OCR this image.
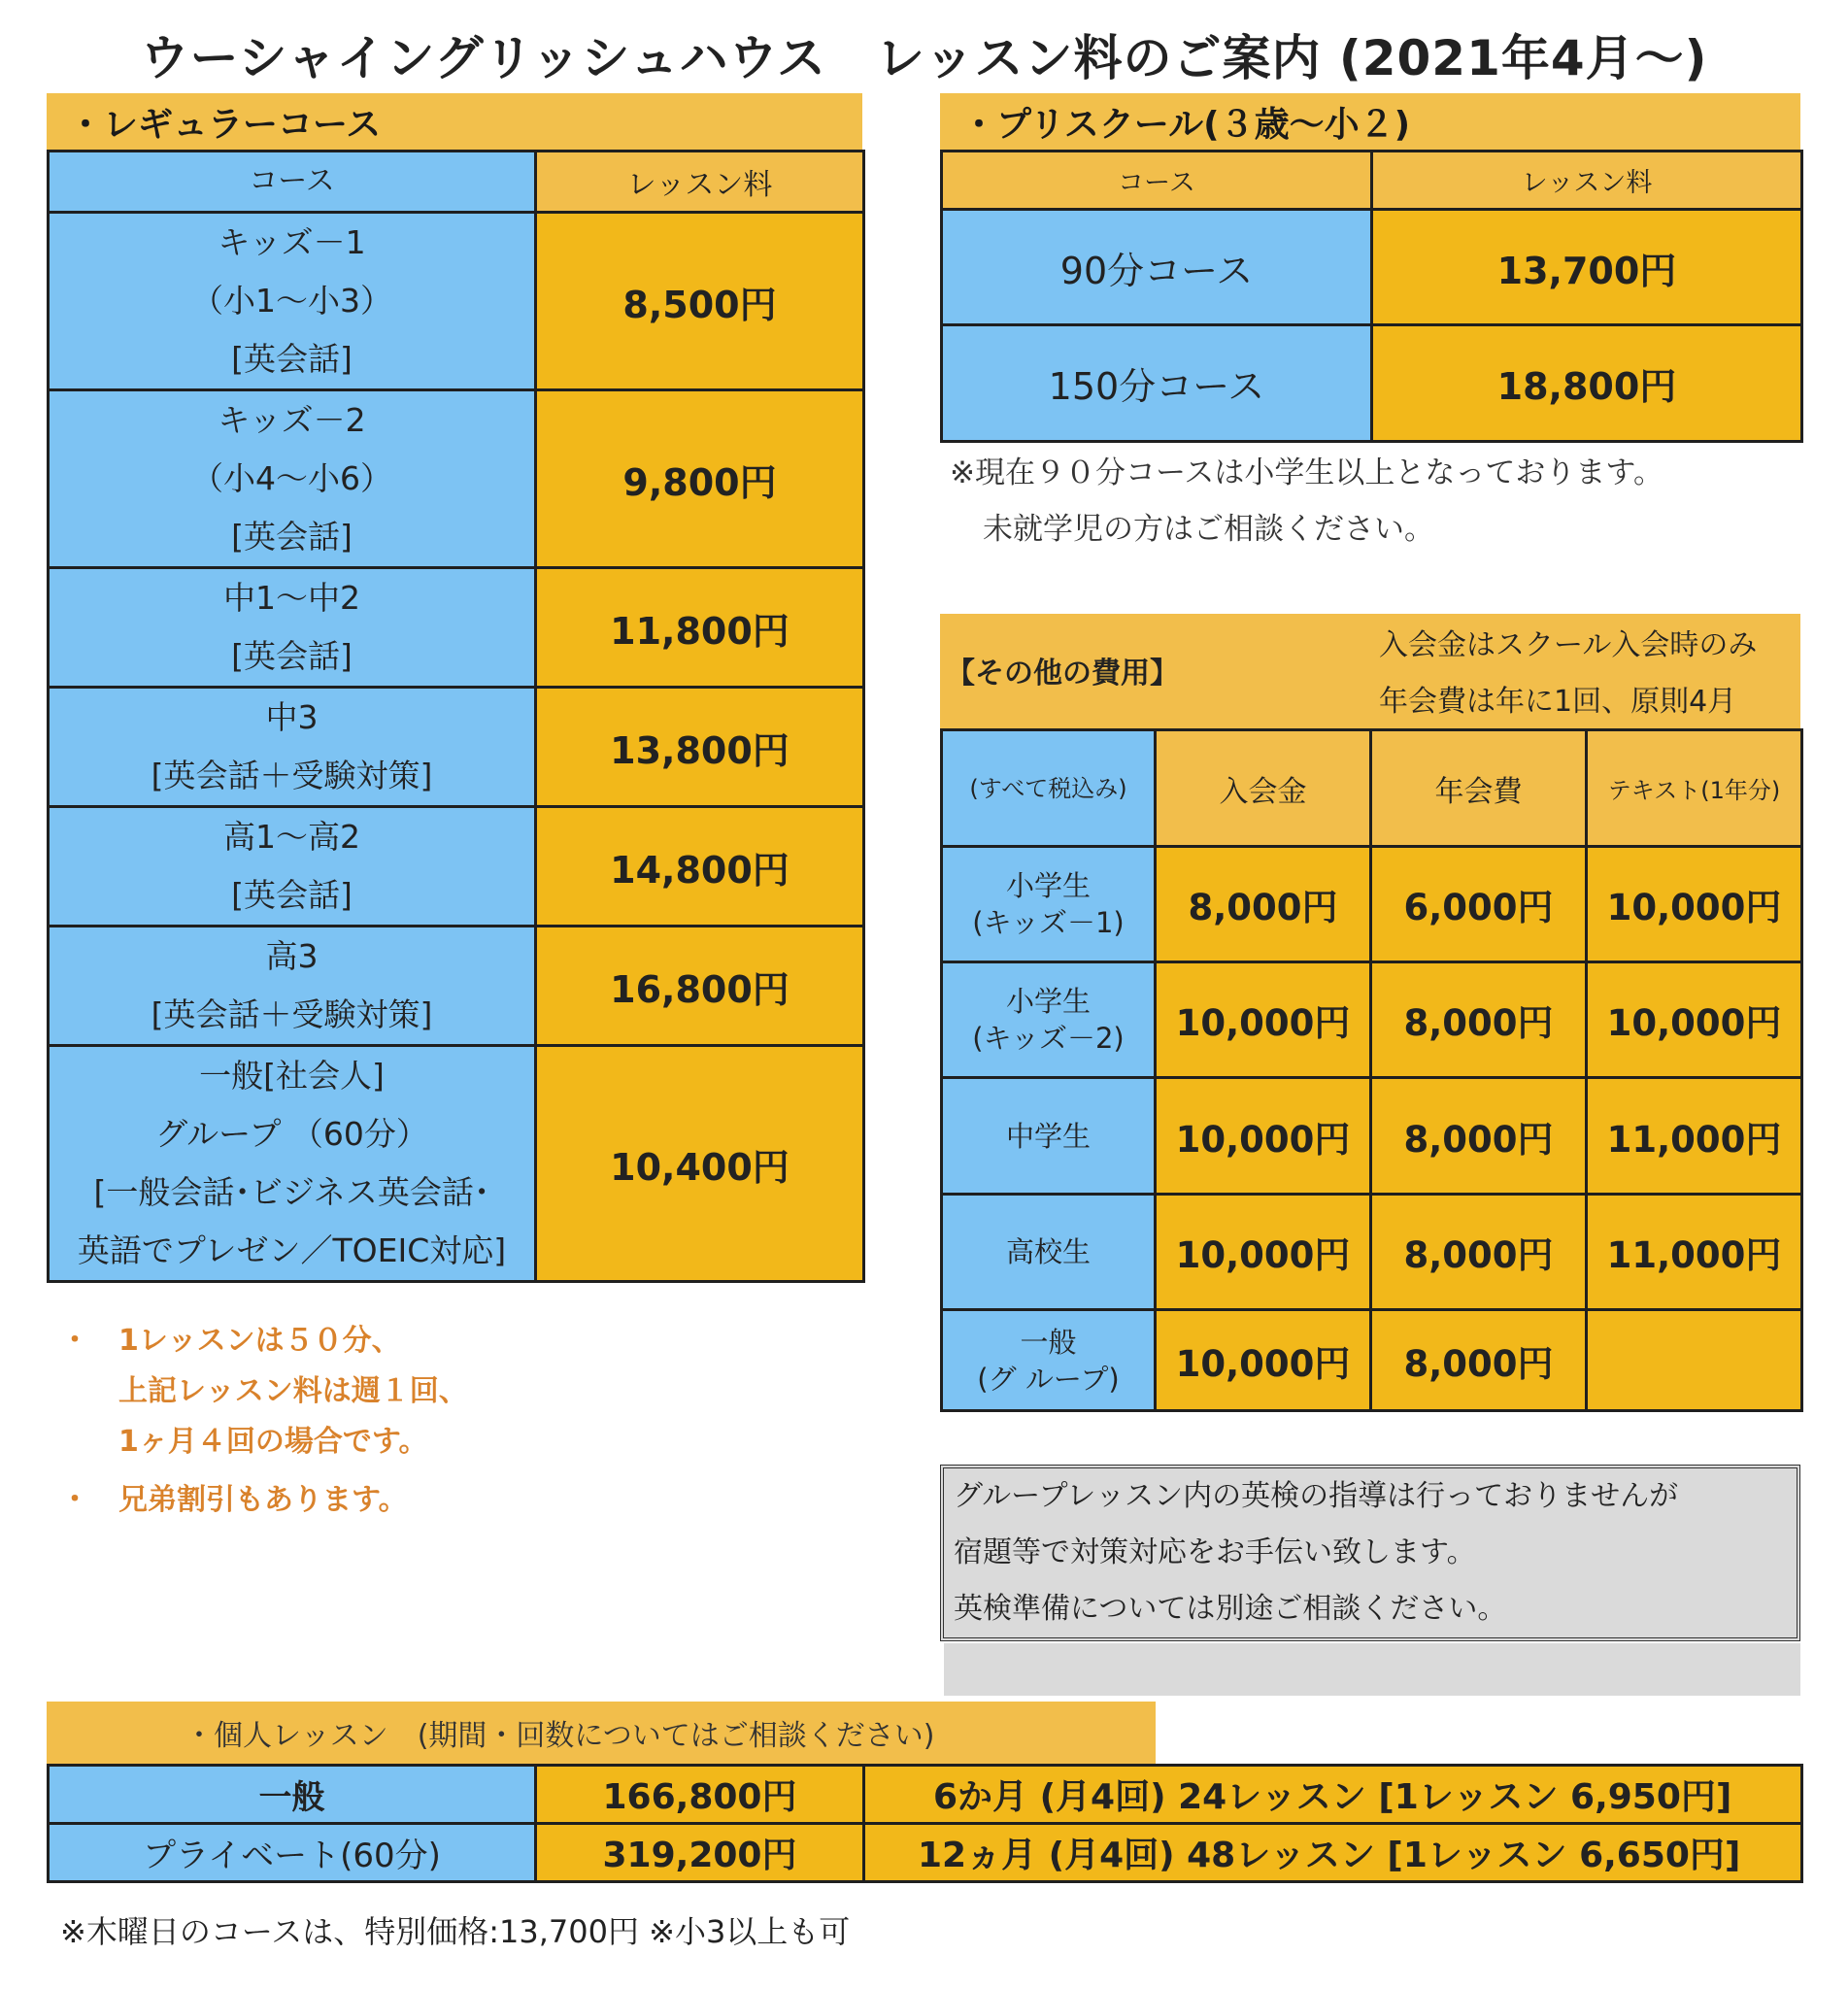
ウーシャイングリッシュハウス　レッスン料のご案内 (2021年4月～)
・レギュラーコース
コース	レッスン料

キッズ－1
（小1～小3）
[英会話]	8,500円

キッズ－2
（小4～小6）
[英会話]	9,800円

中1～中2
[英会話]	11,800円

中3
[英会話＋受験対策]	13,800円

高1～高2
[英会話]	14,800円

高3
[英会話＋受験対策]	16,800円

一般[社会人]
グループ （60分）
[一般会話･ビジネス英会話･
英語でプレゼン／TOEIC対応]	10,400円
・ 1レッスンは５０分、
上記レッスン料は週１回、
1ヶ月４回の場合です。
・ 兄弟割引もあります。
・プリスクール(３歳～小２)
コース	レッスン料
90分コース	13,700円
150分コース	18,800円
※現在９０分コースは小学生以上となっております。
未就学児の方はご相談ください。
【その他の費用】
入会金はスクール入会時のみ
年会費は年に1回、原則4月
(すべて税込み)	入会金	年会費	テキスト(1年分)

小学生
(キッズ－1)	8,000円	6,000円	10,000円

小学生
(キッズ－2)	10,000円	8,000円	10,000円

中学生	10,000円	8,000円	11,000円

高校生	10,000円	8,000円	11,000円

一般
(グ ループ)	10,000円	8,000円	
グループレッスン内の英検の指導は行っておりませんが
宿題等で対策対応をお手伝い致します。
英検準備については別途ご相談ください。
・個人レッスン　(期間・回数についてはご相談ください)
一般	166,800円	6か月 (月4回) 24レッスン [1レッスン 6,950円]
プライベート(60分)	319,200円	12ヵ月 (月4回) 48レッスン [1レッスン 6,650円]
※木曜日のコースは、特別価格:13,700円 ※小3以上も可
